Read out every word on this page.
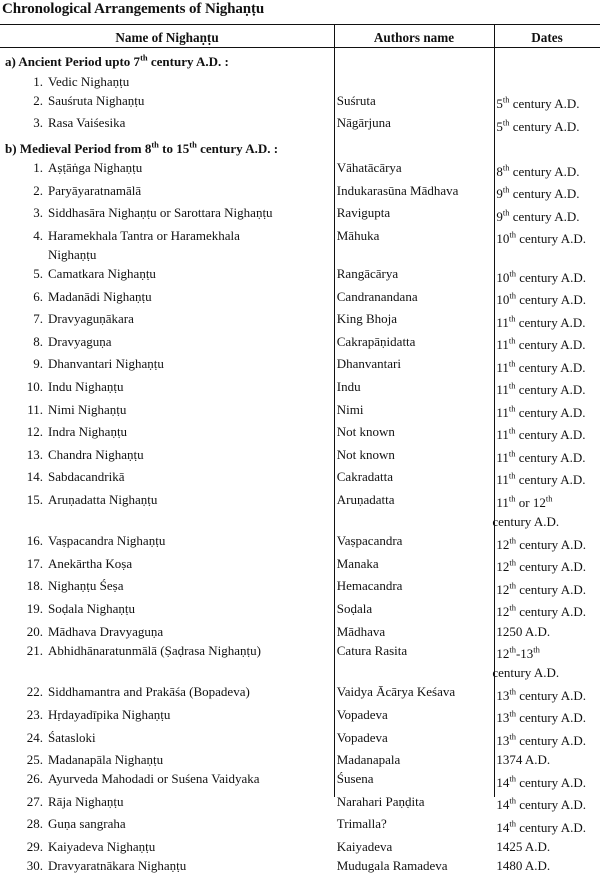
Chronological Arrangements of Nighaṇṭu
Name of Nighaṇṭu	Authors name	Dates
a) Ancient Period upto 7th century A.D. :		
1. Vedic Nighaṇṭu		
2. Sauśruta Nighaṇṭu	Suśruta	5th century A.D.
3. Rasa Vaiśesika	Nāgārjuna	5th century A.D.
b) Medieval Period from 8th to 15th century A.D. :		
1. Aṣṭāṅga Nighaṇṭu	Vāhatācārya	8th century A.D.
2. Paryāyaratnamālā	Indukarasūna Mādhava	9th century A.D.
3. Siddhasāra Nighaṇṭu or Sarottara Nighaṇṭu	Ravigupta	9th century A.D.
4. Haramekhala Tantra or Haramekhala
Nighaṇṭu	Māhuka	10th century A.D.
5. Camatkara Nighaṇṭu	Rangācārya	10th century A.D.
6. Madanādi Nighaṇṭu	Candranandana	10th century A.D.
7. Dravyaguṇākara	King Bhoja	11th century A.D.
8. Dravyaguṇa	Cakrapāṇidatta	11th century A.D.
9. Dhanvantari Nighaṇṭu	Dhanvantari	11th century A.D.
10. Indu Nighaṇṭu	Indu	11th century A.D.
11. Nimi Nighaṇṭu	Nimi	11th century A.D.
12. Indra Nighaṇṭu	Not known	11th century A.D.
13. Chandra Nighaṇṭu	Not known	11th century A.D.
14. Sabdacandrikā	Cakradatta	11th century A.D.
15. Aruṇadatta Nighaṇṭu	Aruṇadatta	11th or 12th
century A.D.

16. Vaṣpacandra Nighaṇṭu	Vaṣpacandra	12th century A.D.
17. Anekārtha Koṣa	Manaka	12th century A.D.
18. Nighaṇṭu Śeṣa	Hemacandra	12th century A.D.
19. Soḍala Nighaṇṭu	Soḍala	12th century A.D.
20. Mādhava Dravyaguṇa	Mādhava	1250 A.D.
21. Abhidhānaratunmālā (Ṣaḍrasa Nighaṇṭu)	Catura Rasita	12th-13th
century A.D.

22. Siddhamantra and Prakāśa (Bopadeva)	Vaidya Ācārya Keśava	13th century A.D.
23. Hṛdayadīpika Nighaṇṭu	Vopadeva	13th century A.D.
24. Śatasloki	Vopadeva	13th century A.D.
25. Madanapāla Nighaṇṭu	Madanapala	1374 A.D.
26. Ayurveda Mahodadi or Suśena Vaidyaka	Śusena	14th century A.D.
27. Rāja Nighaṇṭu	Narahari Paṇḍita	14th century A.D.
28. Guṇa sangraha	Trimalla?	14th century A.D.
29. Kaiyadeva Nighaṇṭu	Kaiyadeva	1425 A.D.
30. Dravyaratnākara Nighaṇṭu	Mudugala Ramadeva	1480 A.D.
